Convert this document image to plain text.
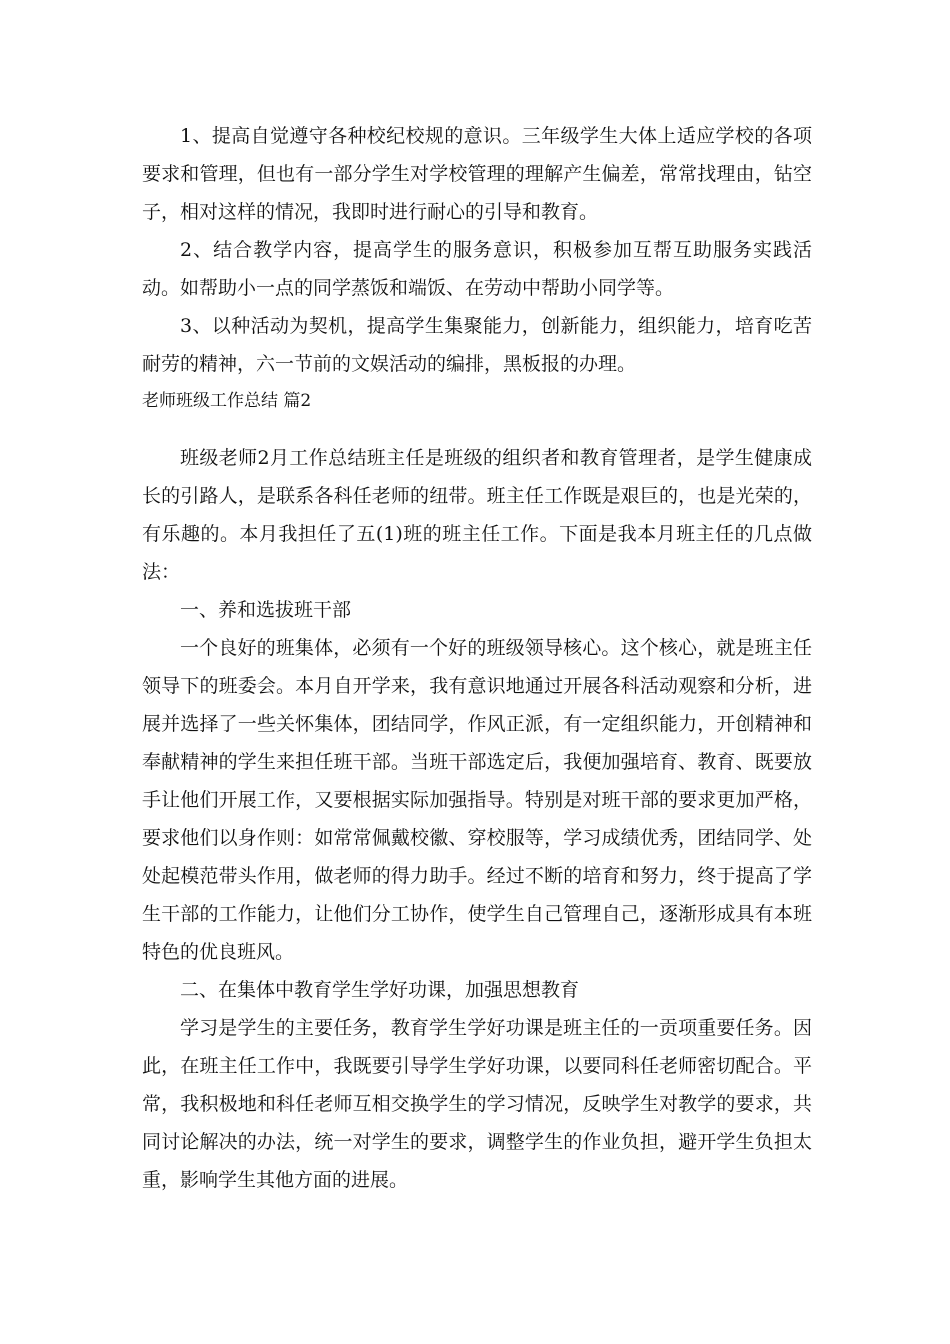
1、提高自觉遵守各种校纪校规的意识。三年级学生大体上适应学校的各项要求和管理，但也有一部分学生对学校管理的理解产生偏差，常常找理由，钻空子，相对这样的情况，我即时进行耐心的引导和教育。

2、结合教学内容，提高学生的服务意识，积极参加互帮互助服务实践活动。如帮助小一点的同学蒸饭和端饭、在劳动中帮助小同学等。

3、以种活动为契机，提高学生集聚能力，创新能力，组织能力，培育吃苦耐劳的精神，六一节前的文娱活动的编排，黑板报的办理。

老师班级工作总结 篇2

班级老师2月工作总结班主任是班级的组织者和教育管理者，是学生健康成长的引路人，是联系各科任老师的纽带。班主任工作既是艰巨的，也是光荣的，有乐趣的。本月我担任了五(1)班的班主任工作。下面是我本月班主任的几点做法：

一、养和选拔班干部

一个良好的班集体，必须有一个好的班级领导核心。这个核心，就是班主任领导下的班委会。本月自开学来，我有意识地通过开展各科活动观察和分析，进展并选择了一些关怀集体，团结同学，作风正派，有一定组织能力，开创精神和奉献精神的学生来担任班干部。当班干部选定后，我便加强培育、教育、既要放手让他们开展工作，又要根据实际加强指导。特别是对班干部的要求更加严格，要求他们以身作则：如常常佩戴校徽、穿校服等，学习成绩优秀，团结同学、处处起模范带头作用，做老师的得力助手。经过不断的培育和努力，终于提高了学生干部的工作能力，让他们分工协作，使学生自己管理自己，逐渐形成具有本班特色的优良班风。

二、在集体中教育学生学好功课，加强思想教育

学习是学生的主要任务，教育学生学好功课是班主任的一贡项重要任务。因此，在班主任工作中，我既要引导学生学好功课，以要同科任老师密切配合。平常，我积极地和科任老师互相交换学生的学习情况，反映学生对教学的要求，共同讨论解决的办法，统一对学生的要求，调整学生的作业负担，避开学生负担太重，影响学生其他方面的进展。
